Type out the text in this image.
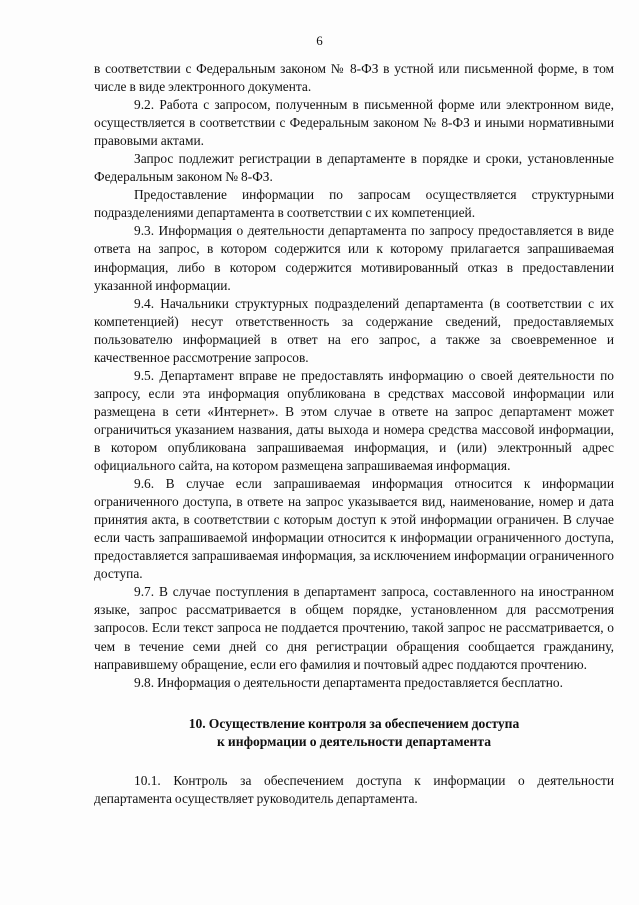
6

в соответствии с Федеральным законом № 8-ФЗ в устной или письменной форме, в том числе в виде электронного документа.

9.2. Работа с запросом, полученным в письменной форме или электронном виде, осуществляется в соответствии с Федеральным законом № 8-ФЗ и иными нормативными правовыми актами.

Запрос подлежит регистрации в департаменте в порядке и сроки, установленные Федеральным законом № 8-ФЗ.

Предоставление информации по запросам осуществляется структурными подразделениями департамента в соответствии с их компетенцией.

9.3. Информация о деятельности департамента по запросу предоставляется в виде ответа на запрос, в котором содержится или к которому прилагается запрашиваемая информация, либо в котором содержится мотивированный отказ в предоставлении указанной информации.

9.4. Начальники структурных подразделений департамента (в соответствии с их компетенцией) несут ответственность за содержание сведений, предоставляемых пользователю информацией в ответ на его запрос, а также за своевременное и качественное рассмотрение запросов.

9.5. Департамент вправе не предоставлять информацию о своей деятельности по запросу, если эта информация опубликована в средствах массовой информации или размещена в сети «Интернет». В этом случае в ответе на запрос департамент может ограничиться указанием названия, даты выхода и номера средства массовой информации, в котором опубликована запрашиваемая информация, и (или) электронный адрес официального сайта, на котором размещена запрашиваемая информация.

9.6. В случае если запрашиваемая информация относится к информации ограниченного доступа, в ответе на запрос указывается вид, наименование, номер и дата принятия акта, в соответствии с которым доступ к этой информации ограничен. В случае если часть запрашиваемой информации относится к информации ограниченного доступа, предоставляется запрашиваемая информация, за исключением информации ограниченного доступа.

9.7. В случае поступления в департамент запроса, составленного на иностранном языке, запрос рассматривается в общем порядке, установленном для рассмотрения запросов. Если текст запроса не поддается прочтению, такой запрос не рассматривается, о чем в течение семи дней со дня регистрации обращения сообщается гражданину, направившему обращение, если его фамилия и почтовый адрес поддаются прочтению.

9.8. Информация о деятельности департамента предоставляется бесплатно.

10. Осуществление контроля за обеспечением доступа
к информации о деятельности департамента

10.1. Контроль за обеспечением доступа к информации о деятельности департамента осуществляет руководитель департамента.
